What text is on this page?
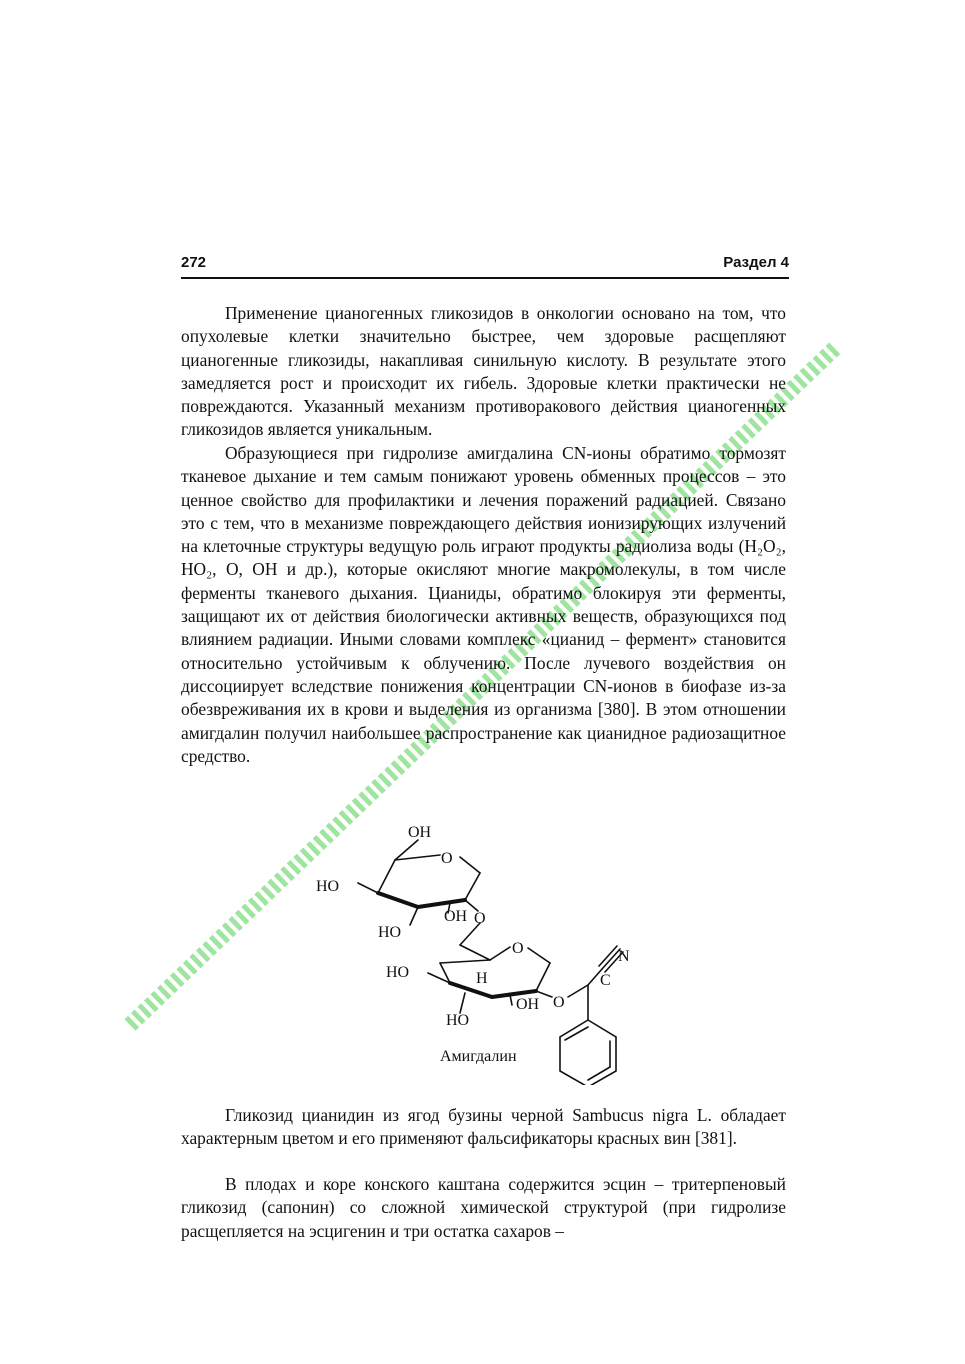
272	Раздел 4

Применение цианогенных гликозидов в онкологии основано на том, что опухолевые клетки значительно быстрее, чем здоровые расщепляют цианогенные гликозиды, накапливая синильную кислоту. В результате этого замедляется рост и происходит их гибель. Здоровые клетки практически не повреждаются. Указанный механизм противоракового действия цианогенных гликозидов является уникальным.

Образующиеся при гидролизе амигдалина CN-ионы обратимо тормозят тканевое дыхание и тем самым понижают уровень обменных процессов – это ценное свойство для профилактики и лечения поражений радиацией. Связано это с тем, что в механизме повреждающего действия ионизирующих излучений на клеточные структуры ведущую роль играют продукты радиолиза воды (H₂O₂, HO₂, O, OH и др.), которые окисляют многие макромолекулы, в том числе ферменты тканевого дыхания. Цианиды, обратимо блокируя эти ферменты, защищают их от действия биологически активных веществ, образующихся под влиянием радиации. Иными словами комплекс «цианид – фермент» становится относительно устойчивым к облучению. После лучевого воздействия он диссоциирует вследствие понижения концентрации CN-ионов в биофазе из-за обезвреживания их в крови и выделения из организма [380]. В этом отношении амигдалин получил наибольшее распространение как цианидное радиозащитное средство.

OH
O
HO
OH
HO
O
O
HO	H
OH
HO
O
C
N
Амигдалин

Гликозид цианидин из ягод бузины черной Sambucus nigra L. обладает характерным цветом и его применяют фальсификаторы красных вин [381].

В плодах и коре конского каштана содержится эсцин – тритерпеновый гликозид (сапонин) со сложной химической структурой (при гидролизе расщепляется на эсцигенин и три остатка сахаров –
